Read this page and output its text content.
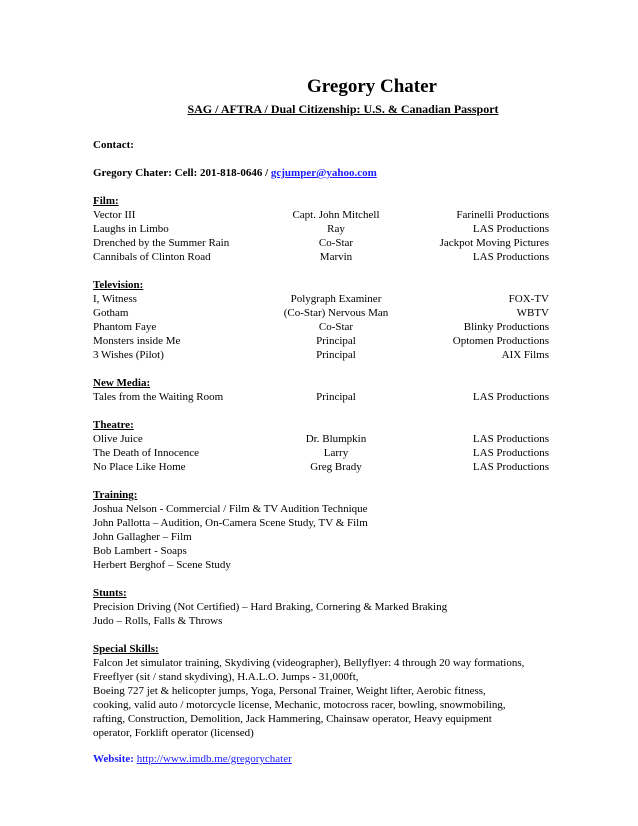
Gregory Chater
SAG / AFTRA / Dual Citizenship: U.S. & Canadian Passport
Contact:
Gregory Chater: Cell: 201-818-0646 / gcjumper@yahoo.com
Film:
Vector III	Capt. John Mitchell	Farinelli Productions
Laughs in Limbo	Ray	LAS Productions
Drenched by the Summer Rain	Co-Star	Jackpot Moving Pictures
Cannibals of Clinton Road	Marvin	LAS Productions
Television:
I, Witness	Polygraph Examiner	FOX-TV
Gotham	(Co-Star) Nervous Man	WBTV
Phantom Faye	Co-Star	Blinky Productions
Monsters inside Me	Principal	Optomen Productions
3 Wishes (Pilot)	Principal	AIX Films
New Media:
Tales from the Waiting Room	Principal	LAS Productions
Theatre:
Olive Juice	Dr. Blumpkin	LAS Productions
The Death of Innocence	Larry	LAS Productions
No Place Like Home	Greg Brady	LAS Productions
Training:
Joshua Nelson - Commercial / Film & TV Audition Technique
John Pallotta – Audition, On-Camera Scene Study, TV & Film
John Gallagher – Film
Bob Lambert - Soaps
Herbert Berghof – Scene Study
Stunts:
Precision Driving (Not Certified) – Hard Braking, Cornering & Marked Braking
Judo – Rolls, Falls & Throws
Special Skills:
Falcon Jet simulator training, Skydiving (videographer), Bellyflyer: 4 through 20 way formations,
Freeflyer (sit / stand skydiving), H.A.L.O. Jumps - 31,000ft,
Boeing 727 jet & helicopter jumps, Yoga, Personal Trainer, Weight lifter, Aerobic fitness,
cooking, valid auto / motorcycle license, Mechanic, motocross racer, bowling, snowmobiling,
rafting, Construction, Demolition, Jack Hammering, Chainsaw operator, Heavy equipment
operator, Forklift operator (licensed)
Website: http://www.imdb.me/gregorychater
